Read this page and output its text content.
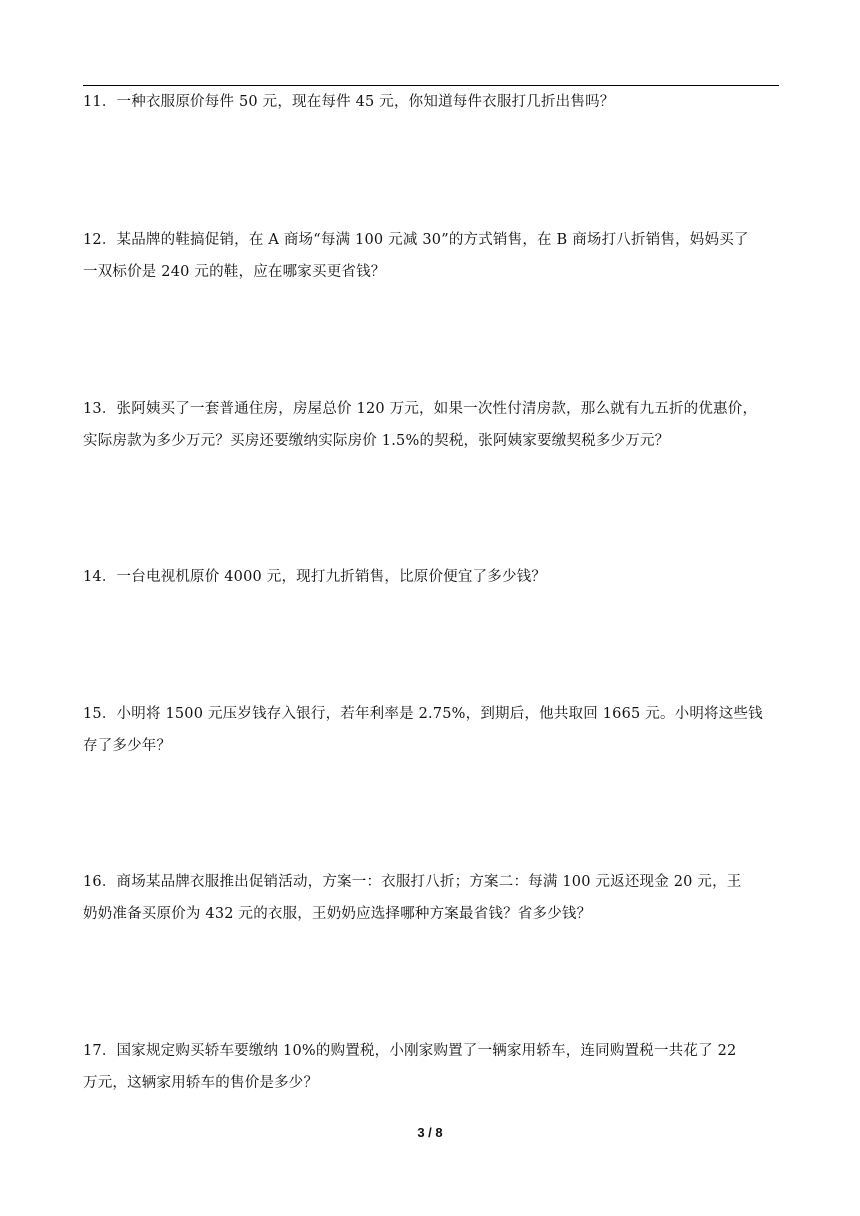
11．一种衣服原价每件 50 元，现在每件 45 元，你知道每件衣服打几折出售吗？

12．某品牌的鞋搞促销，在 A 商场“每满 100 元减 30”的方式销售，在 B 商场打八折销售，妈妈买了

一双标价是 240 元的鞋，应在哪家买更省钱？

13．张阿姨买了一套普通住房，房屋总价 120 万元，如果一次性付清房款，那么就有九五折的优惠价，

实际房款为多少万元？买房还要缴纳实际房价 1.5%的契税，张阿姨家要缴契税多少万元？

14．一台电视机原价 4000 元，现打九折销售，比原价便宜了多少钱？

15．小明将 1500 元压岁钱存入银行，若年利率是 2.75%，到期后，他共取回 1665 元。小明将这些钱

存了多少年？

16．商场某品牌衣服推出促销活动，方案一：衣服打八折；方案二：每满 100 元返还现金 20 元，王

奶奶准备买原价为 432 元的衣服，王奶奶应选择哪种方案最省钱？省多少钱？

17．国家规定购买轿车要缴纳 10%的购置税，小刚家购置了一辆家用轿车，连同购置税一共花了 22

万元，这辆家用轿车的售价是多少？

3 / 8
